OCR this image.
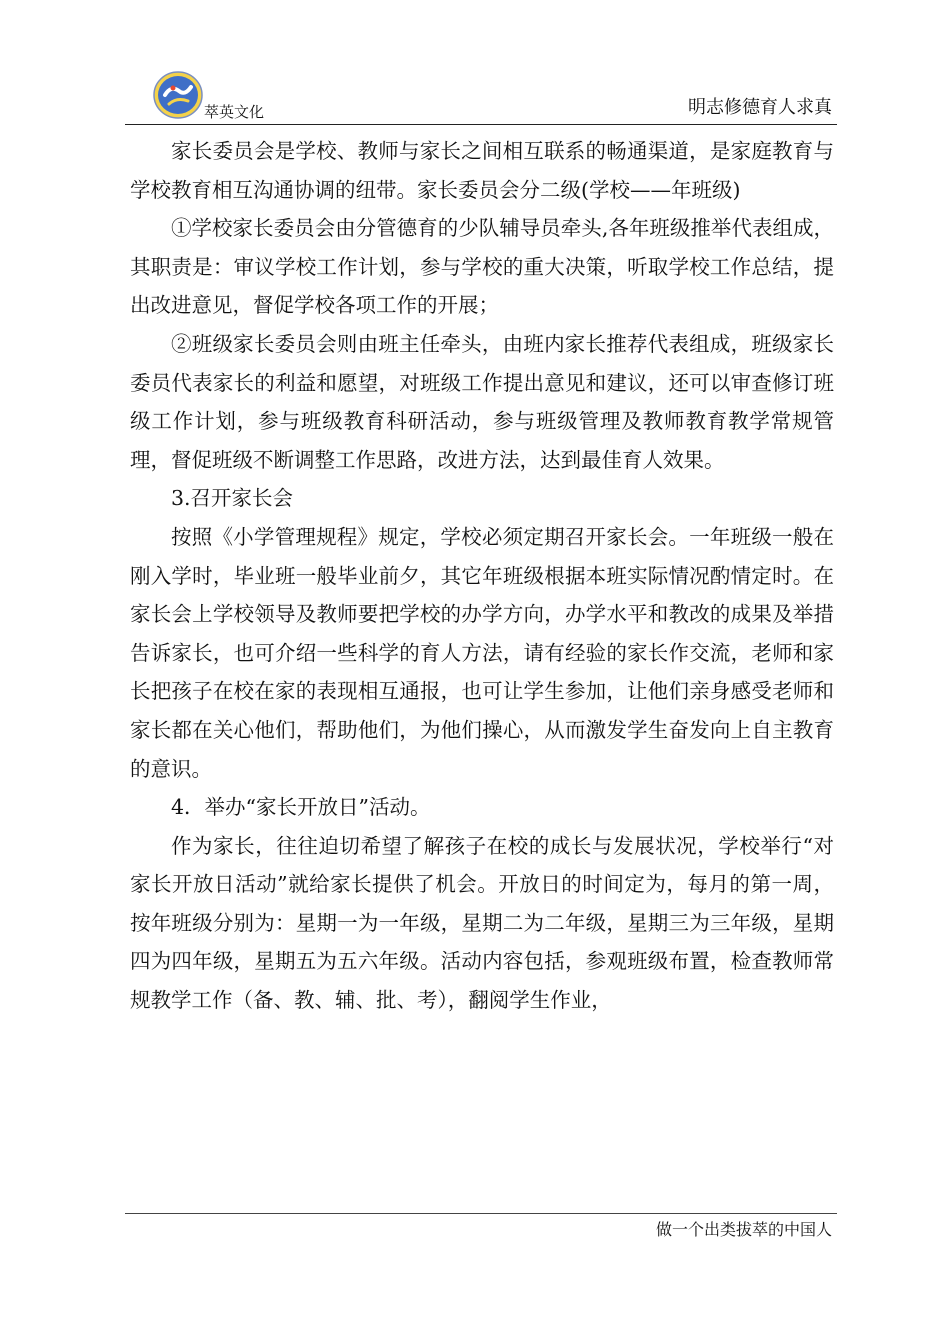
萃英文化	明志修德育人求真

家长委员会是学校、教师与家长之间相互联系的畅通渠道，是家庭教育与学校教育相互沟通协调的纽带。家长委员会分二级(学校——年班级)

①学校家长委员会由分管德育的少队辅导员牵头,各年班级推举代表组成，其职责是：审议学校工作计划，参与学校的重大决策，听取学校工作总结，提出改进意见，督促学校各项工作的开展；

②班级家长委员会则由班主任牵头，由班内家长推荐代表组成，班级家长委员代表家长的利益和愿望，对班级工作提出意见和建议，还可以审查修订班级工作计划，参与班级教育科研活动，参与班级管理及教师教育教学常规管理，督促班级不断调整工作思路，改进方法，达到最佳育人效果。

3.召开家长会

按照《小学管理规程》规定，学校必须定期召开家长会。一年班级一般在刚入学时，毕业班一般毕业前夕，其它年班级根据本班实际情况酌情定时。在家长会上学校领导及教师要把学校的办学方向，办学水平和教改的成果及举措告诉家长，也可介绍一些科学的育人方法，请有经验的家长作交流，老师和家长把孩子在校在家的表现相互通报，也可让学生参加，让他们亲身感受老师和家长都在关心他们，帮助他们，为他们操心，从而激发学生奋发向上自主教育的意识。

4．举办“家长开放日”活动。

作为家长，往往迫切希望了解孩子在校的成长与发展状况，学校举行“对家长开放日活动”就给家长提供了机会。开放日的时间定为，每月的第一周，按年班级分别为：星期一为一年级，星期二为二年级，星期三为三年级，星期四为四年级，星期五为五六年级。活动内容包括，参观班级布置，检查教师常规教学工作（备、教、辅、批、考），翻阅学生作业，

做一个出类拔萃的中国人
